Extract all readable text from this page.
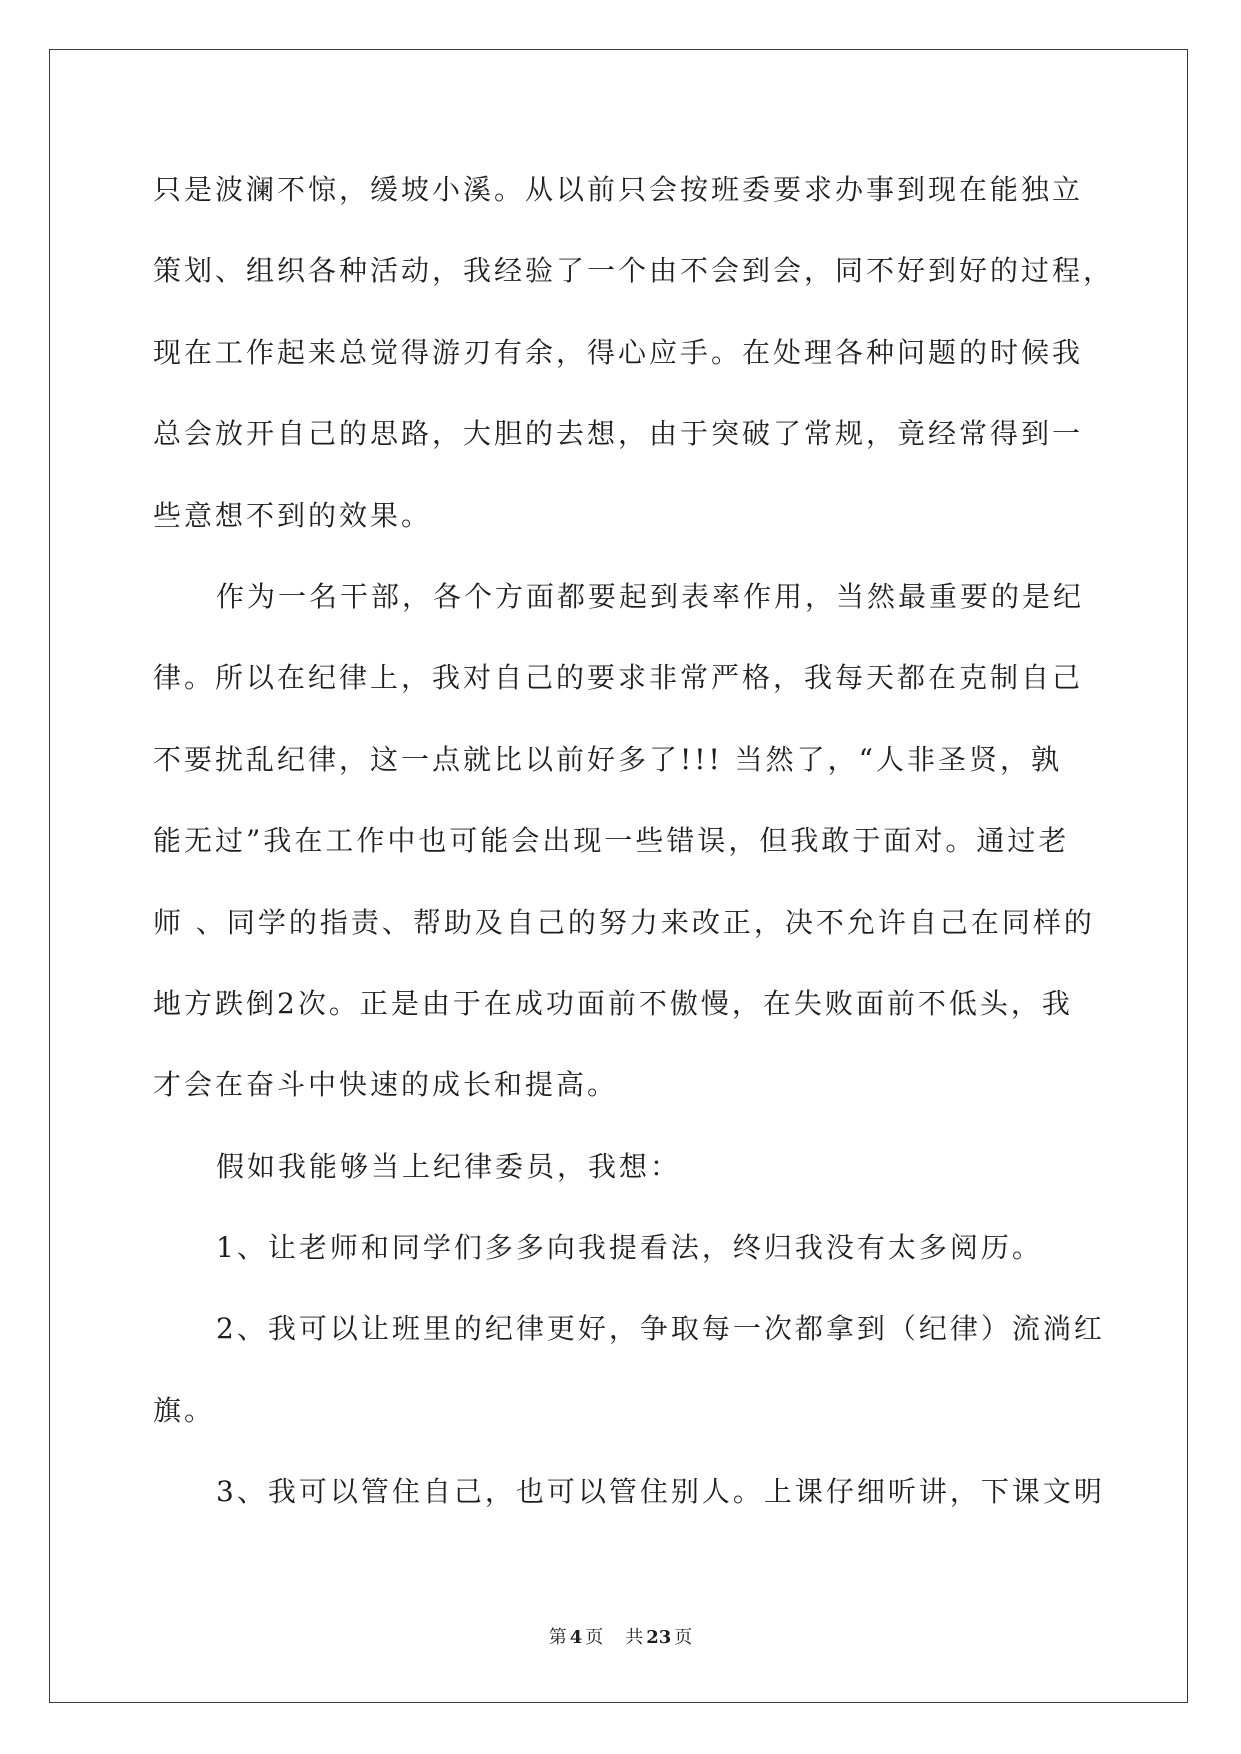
只是波澜不惊，缓坡小溪。从以前只会按班委要求办事到现在能独立
策划、组织各种活动，我经验了一个由不会到会，同不好到好的过程，
现在工作起来总觉得游刃有余，得心应手。在处理各种问题的时候我
总会放开自己的思路，大胆的去想，由于突破了常规，竟经常得到一
些意想不到的效果。
作为一名干部，各个方面都要起到表率作用，当然最重要的是纪
律。所以在纪律上，我对自己的要求非常严格，我每天都在克制自己
不要扰乱纪律，这一点就比以前好多了!!! 当然了，“人非圣贤，孰
能无过”我在工作中也可能会出现一些错误，但我敢于面对。通过老
师 、同学的指责、帮助及自己的努力来改正，决不允许自己在同样的
地方跌倒2次。正是由于在成功面前不傲慢，在失败面前不低头，我
才会在奋斗中快速的成长和提高。
假如我能够当上纪律委员，我想：
1、让老师和同学们多多向我提看法，终归我没有太多阅历。
2、我可以让班里的纪律更好，争取每一次都拿到（纪律）流淌红
旗。
3、我可以管住自己，也可以管住别人。上课仔细听讲，下课文明
第 4 页 共 23 页
